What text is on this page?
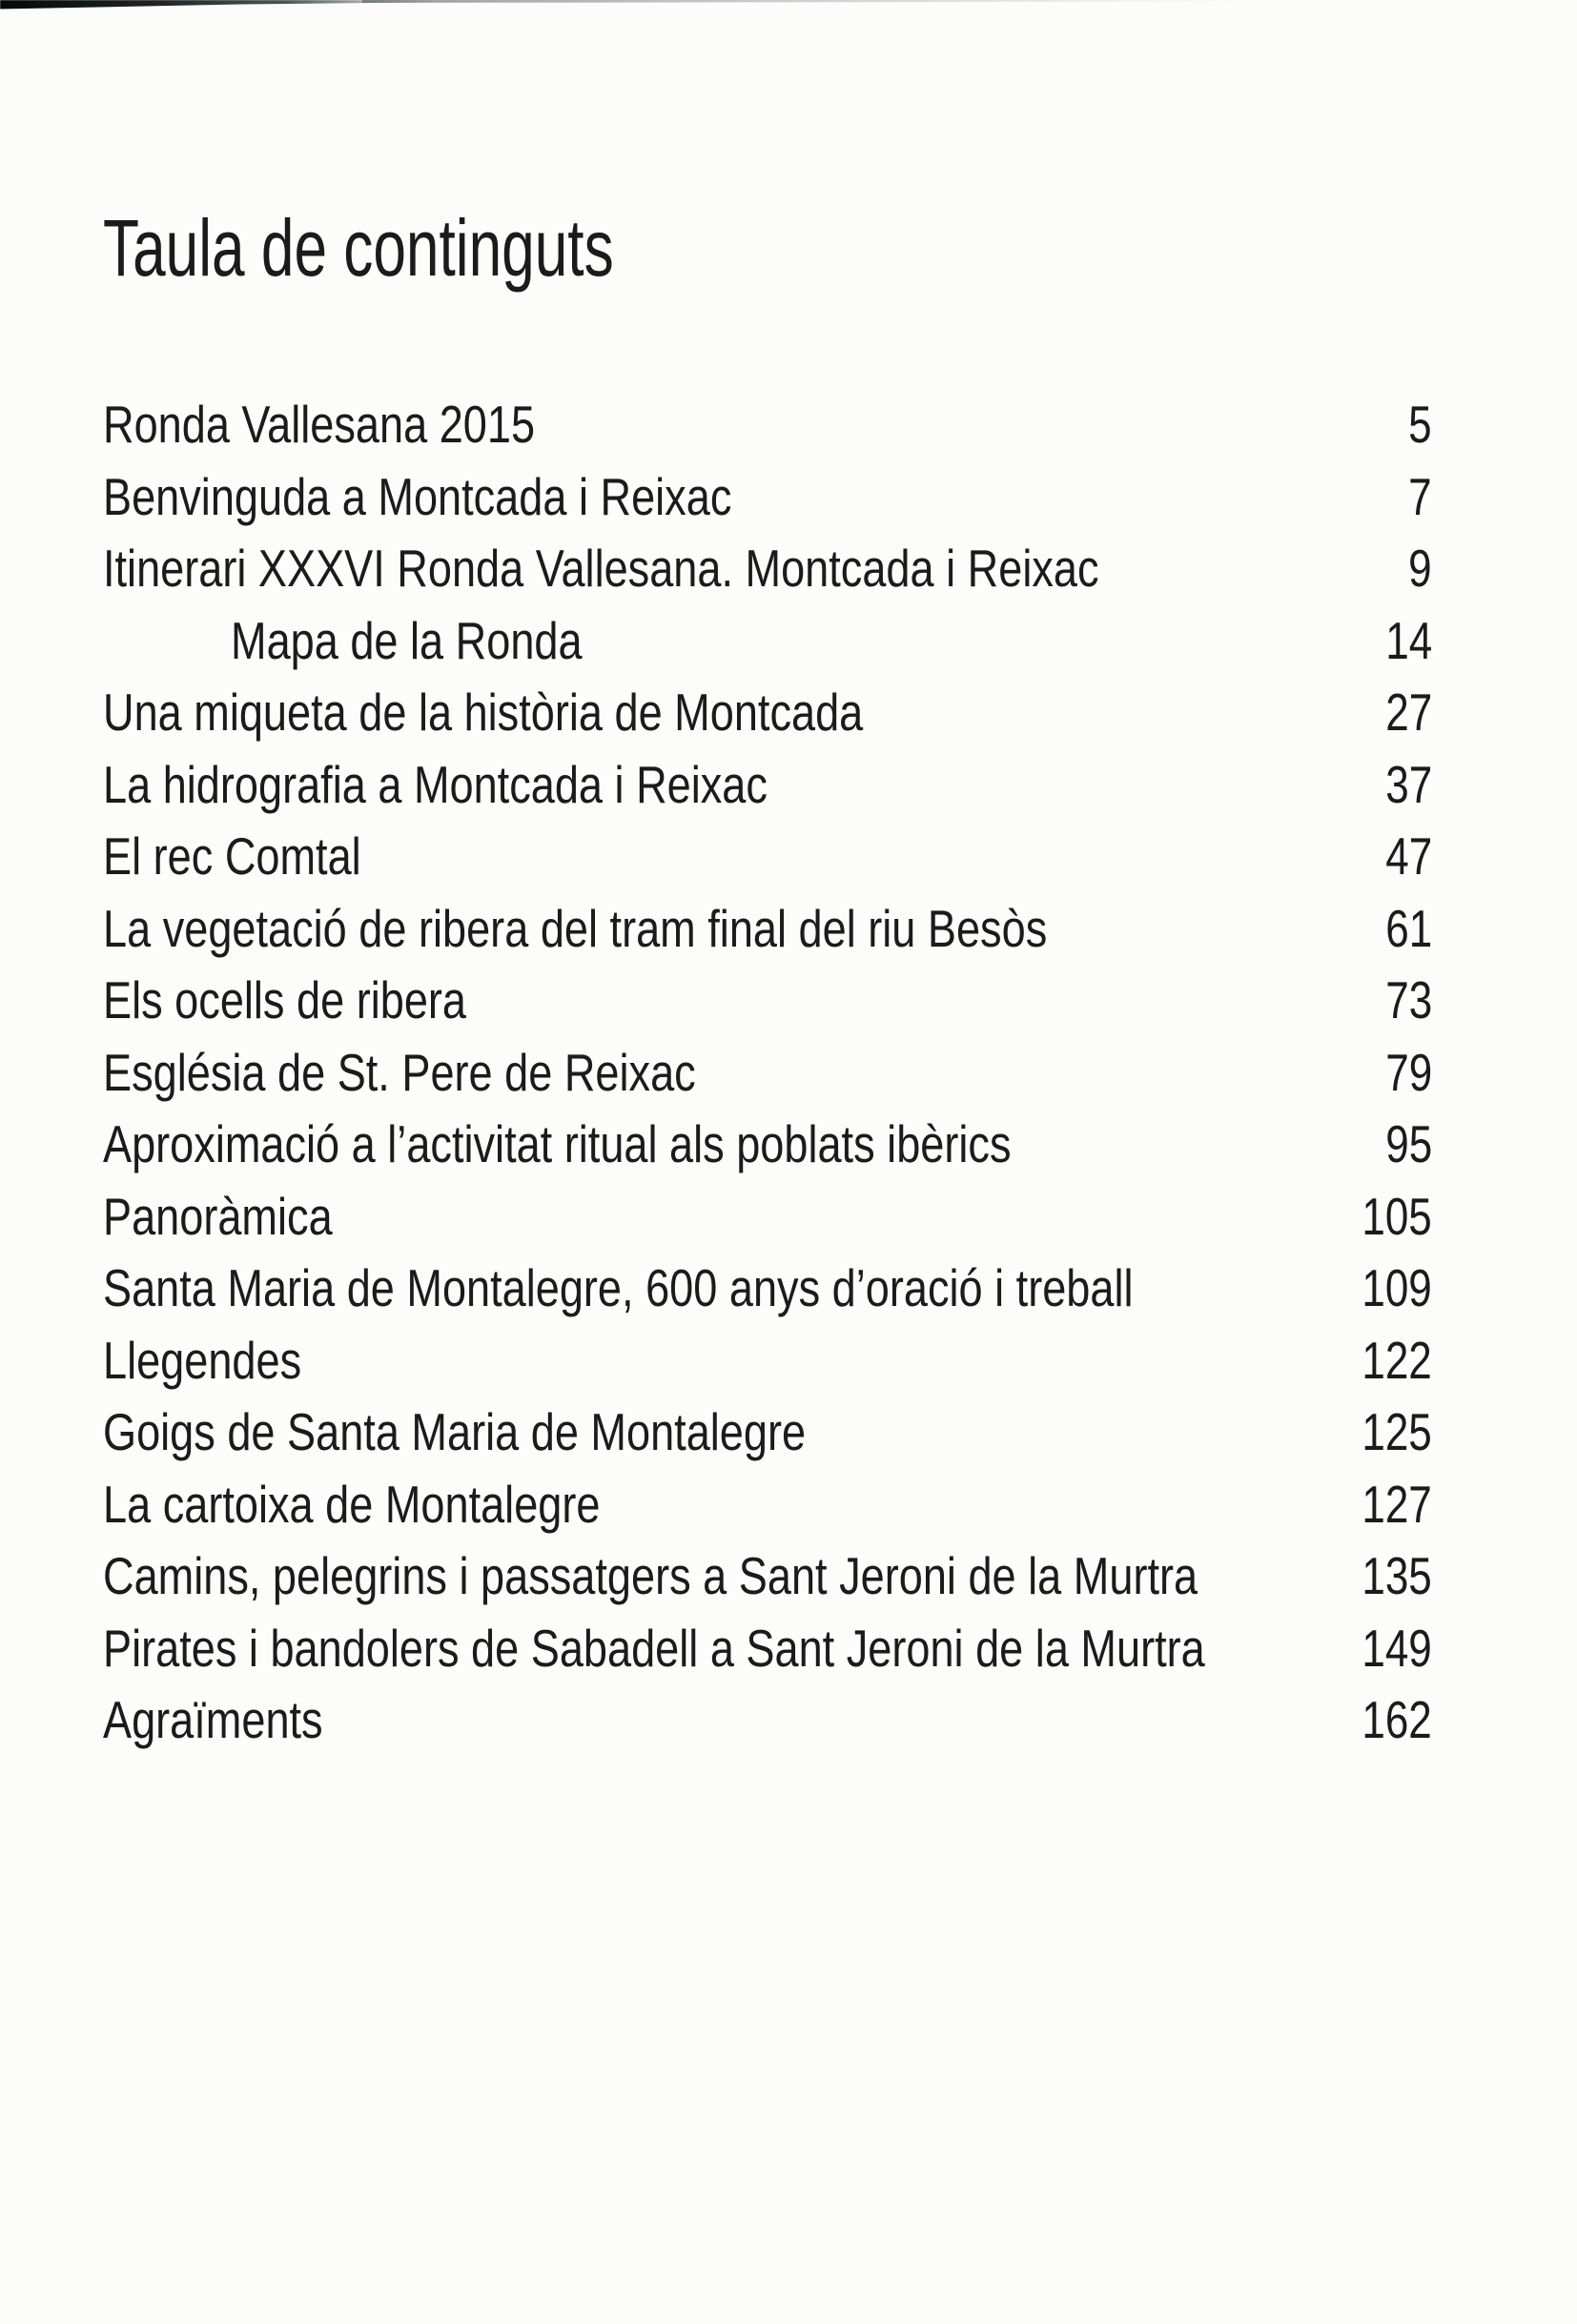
Taula de continguts
Ronda Vallesana 2015	5
Benvinguda a Montcada i Reixac	7
Itinerari XXXVI Ronda Vallesana. Montcada i Reixac	9
Mapa de la Ronda	14
Una miqueta de la història de Montcada	27
La hidrografia a Montcada i Reixac	37
El rec Comtal	47
La vegetació de ribera del tram final del riu Besòs	61
Els ocells de ribera	73
Església de St. Pere de Reixac	79
Aproximació a l’activitat ritual als poblats ibèrics	95
Panoràmica	105
Santa Maria de Montalegre, 600 anys d’oració i treball	109
Llegendes	122
Goigs de Santa Maria de Montalegre	125
La cartoixa de Montalegre	127
Camins, pelegrins i passatgers a Sant Jeroni de la Murtra	135
Pirates i bandolers de Sabadell a Sant Jeroni de la Murtra	149
Agraïments	162
